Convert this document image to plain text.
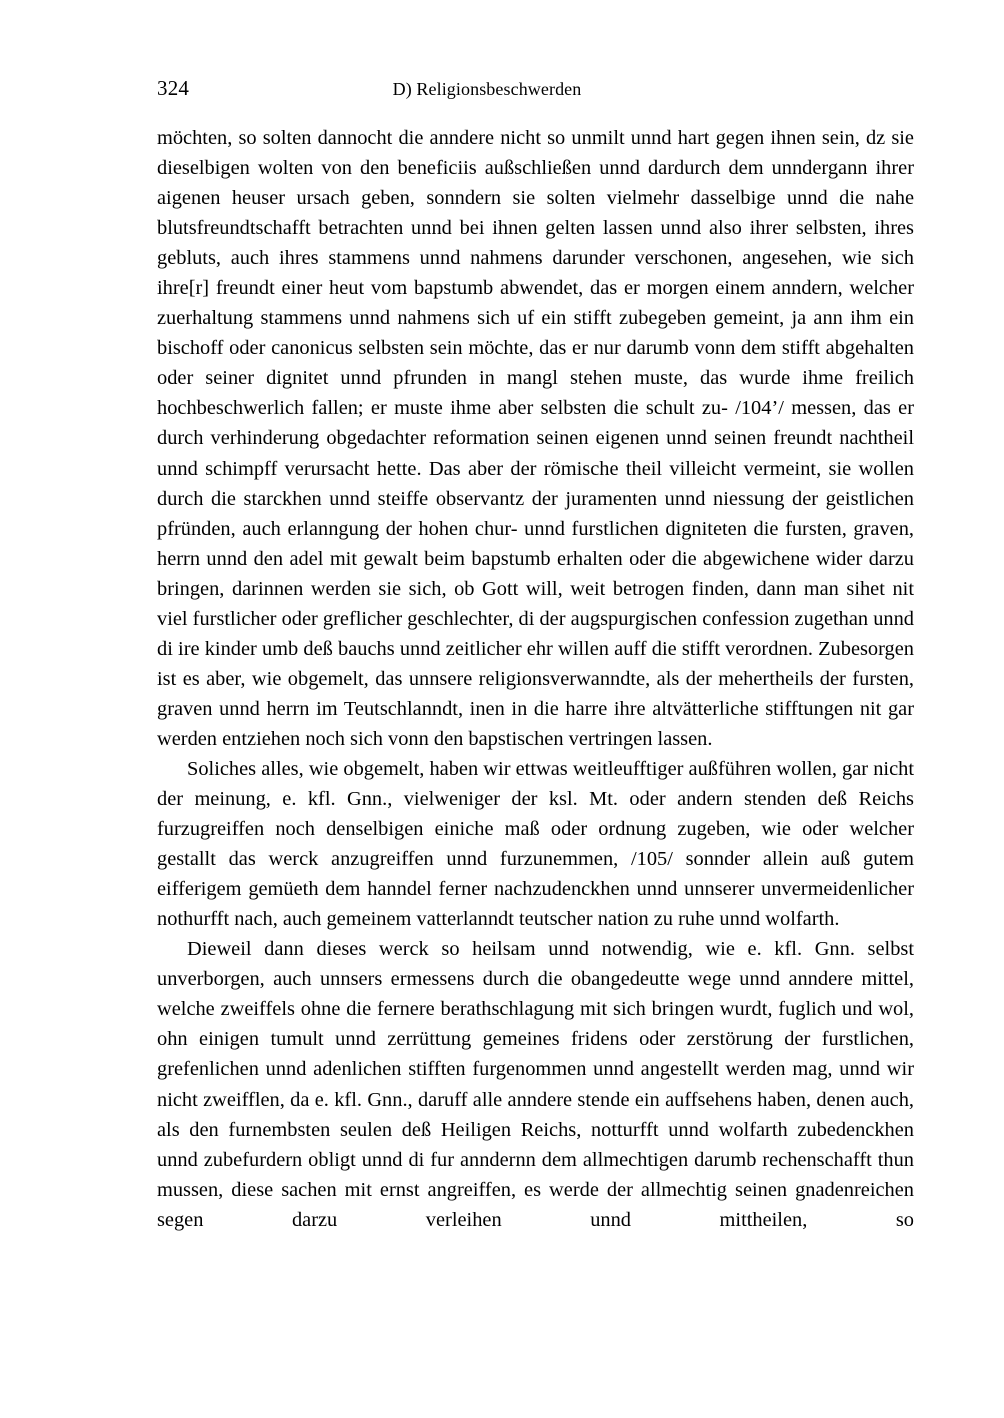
324	D) Religionsbeschwerden

möchten, so solten dannocht die anndere nicht so unmilt unnd hart gegen ihnen sein, dz sie dieselbigen wolten von den beneficiis außschließen unnd dardurch dem unndergann ihrer aigenen heuser ursach geben, sonndern sie solten vielmehr dasselbige unnd die nahe blutsfreundtschafft betrachten unnd bei ihnen gelten lassen unnd also ihrer selbsten, ihres gebluts, auch ihres stammens unnd nahmens darunder verschonen, angesehen, wie sich ihre[r] freundt einer heut vom bapstumb abwendet, das er morgen einem anndern, welcher zuerhaltung stammens unnd nahmens sich uf ein stifft zubegeben gemeint, ja ann ihm ein bischoff oder canonicus selbsten sein möchte, das er nur darumb vonn dem stifft abgehalten oder seiner dignitet unnd pfrunden in mangl stehen muste, das wurde ihme freilich hochbeschwerlich fallen; er muste ihme aber selbsten die schult zu- /104’/ messen, das er durch verhinderung obgedachter reformation seinen eigenen unnd seinen freundt nachtheil unnd schimpff verursacht hette. Das aber der römische theil villeicht vermeint, sie wollen durch die starckhen unnd steiffe observantz der juramenten unnd niessung der geistlichen pfründen, auch erlanngung der hohen chur- unnd furstlichen digniteten die fursten, graven, herrn unnd den adel mit gewalt beim bapstumb erhalten oder die abgewichene wider darzu bringen, darinnen werden sie sich, ob Gott will, weit betrogen finden, dann man sihet nit viel furstlicher oder greflicher geschlechter, di der augspurgischen confession zugethan unnd di ire kinder umb deß bauchs unnd zeitlicher ehr willen auff die stifft verordnen. Zubesorgen ist es aber, wie obgemelt, das unnsere religionsverwanndte, als der mehertheils der fursten, graven unnd herrn im Teutschlanndt, inen in die harre ihre altvätterliche stifftungen nit gar werden entziehen noch sich vonn den bapstischen vertringen lassen.

Soliches alles, wie obgemelt, haben wir ettwas weitleufftiger außführen wollen, gar nicht der meinung, e. kfl. Gnn., vielweniger der ksl. Mt. oder andern stenden deß Reichs furzugreiffen noch denselbigen einiche maß oder ordnung zugeben, wie oder welcher gestallt das werck anzugreiffen unnd furzunemmen, /105/ sonnder allein auß gutem eifferigem gemüeth dem hanndel ferner nachzudenckhen unnd unnserer unvermeidenlicher nothurfft nach, auch gemeinem vatterlanndt teutscher nation zu ruhe unnd wolfarth.

Dieweil dann dieses werck so heilsam unnd notwendig, wie e. kfl. Gnn. selbst unverborgen, auch unnsers ermessens durch die obangedeutte wege unnd anndere mittel, welche zweiffels ohne die fernere berathschlagung mit sich bringen wurdt, fuglich und wol, ohn einigen tumult unnd zerrüttung gemeines fridens oder zerstörung der furstlichen, grefenlichen unnd adenlichen stifften furgenommen unnd angestellt werden mag, unnd wir nicht zweifflen, da e. kfl. Gnn., daruff alle anndere stende ein auffsehens haben, denen auch, als den furnembsten seulen deß Heiligen Reichs, notturfft unnd wolfarth zubedenckhen unnd zubefurdern obligt unnd di fur anndernn dem allmechtigen darumb rechenschafft thun mussen, diese sachen mit ernst angreiffen, es werde der allmechtig seinen gnadenreichen segen darzu verleihen unnd mittheilen, so
